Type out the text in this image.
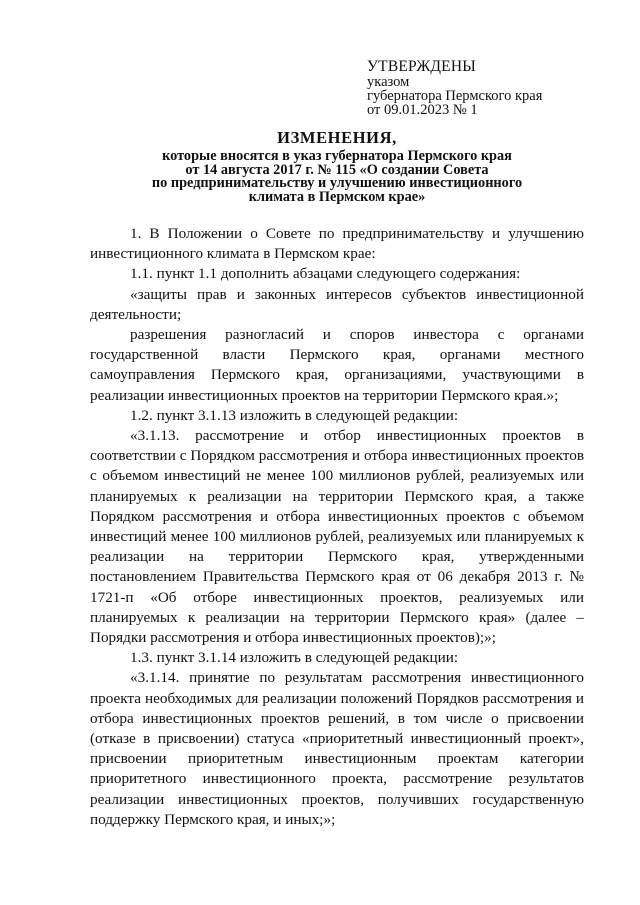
УТВЕРЖДЕНЫ
указом
губернатора Пермского края
от 09.01.2023 № 1
ИЗМЕНЕНИЯ,
которые вносятся в указ губернатора Пермского края
от 14 августа 2017 г. № 115 «О создании Совета
по предпринимательству и улучшению инвестиционного
климата в Пермском крае»

1. В Положении о Совете по предпринимательству и улучшению инвестиционного климата в Пермском крае:

1.1. пункт 1.1 дополнить абзацами следующего содержания:

«защиты прав и законных интересов субъектов инвестиционной деятельности;

разрешения разногласий и споров инвестора с органами государственной власти Пермского края, органами местного самоуправления Пермского края, организациями, участвующими в реализации инвестиционных проектов на территории Пермского края.»;

1.2. пункт 3.1.13 изложить в следующей редакции:

«3.1.13. рассмотрение и отбор инвестиционных проектов в соответствии с Порядком рассмотрения и отбора инвестиционных проектов с объемом инвестиций не менее 100 миллионов рублей, реализуемых или планируемых к реализации на территории Пермского края, а также Порядком рассмотрения и отбора инвестиционных проектов с объемом инвестиций менее 100 миллионов рублей, реализуемых или планируемых к реализации на территории Пермского края, утвержденными постановлением Правительства Пермского края от 06 декабря 2013 г. № 1721-п «Об отборе инвестиционных проектов, реализуемых или планируемых к реализации на территории Пермского края» (далее – Порядки рассмотрения и отбора инвестиционных проектов);»;

1.3. пункт 3.1.14 изложить в следующей редакции:

«3.1.14. принятие по результатам рассмотрения инвестиционного проекта необходимых для реализации положений Порядков рассмотрения и отбора инвестиционных проектов решений, в том числе о присвоении (отказе в присвоении) статуса «приоритетный инвестиционный проект», присвоении приоритетным инвестиционным проектам категории приоритетного инвестиционного проекта, рассмотрение результатов реализации инвестиционных проектов, получивших государственную поддержку Пермского края, и иных;»;
